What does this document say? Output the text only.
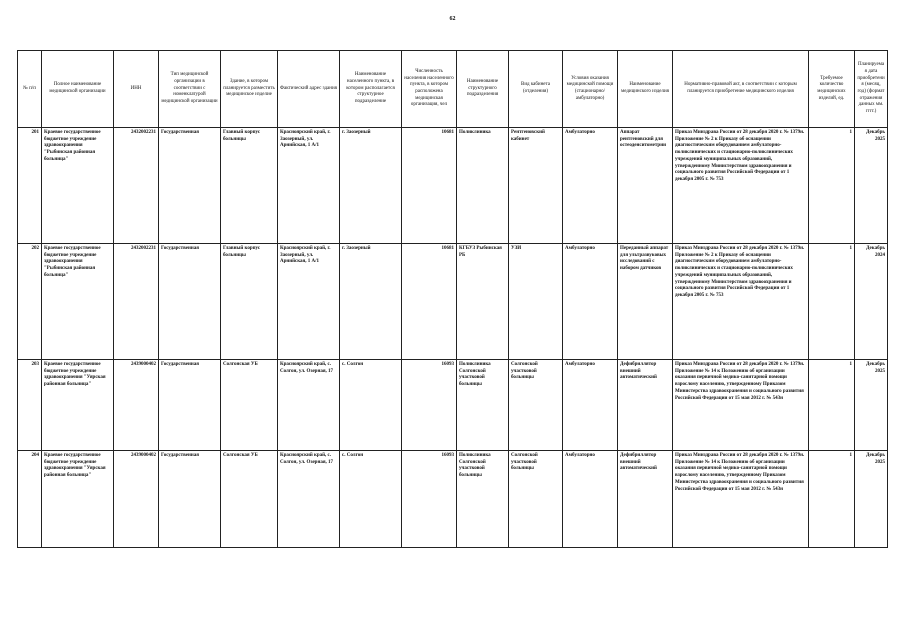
62
№ п/п	Полное наименование медицинской организации	ИНН	Тип медицинской организации в соответствии с номенклатурой медицинской организации	Здание, в котором планируется разместить медицинское изделие	Фактический адрес здания	Наименование населенного пункта, в котором располагается структурное подразделение	Численность населения населенного пункта, в котором расположена медицинская организация, чел	Наименование структурного подразделения	Вид кабинета (отделения)	Условия оказания медицинской помощи (стационарно/ амбулаторно)	Наименование медицинского изделия	Нормативно-правовой акт, в соответствии с которым планируется приобретение медицинского изделия	Требуемое количество медицинских изделий, ед.	Планируемая дата приобретения (месяц, год) (формат отражения данных мм. гггг.)
201	Краевое государственное бюджетное учреждение здравоохранения "Рыбинская районная больница"	2432002231	Государственная	Главный корпус больницы	Красноярский край, г. Заозерный, ул. Арнийская, 1 А/1	г. Заозерный	10681	Поликлиника	Рентгеновский кабинет	Амбулаторно	Аппарат рентгеновский для остеоденситометрии	Приказ Минздрава России от 28 декабря 2020 г. № 1379н. Приложение № 2 к Приказу об оснащении диагностическим оборудованием амбулаторно-поликлинических и стационарно-поликлинических учреждений муниципальных образований, утвержденному Министерством здравоохранения и социального развития Российской Федерации от 1 декабря 2005 г. № 753	1	Декабрь 2025
202	Краевое государственное бюджетное учреждение здравоохранения "Рыбинская районная больница"	2432002231	Государственная	Главный корпус больницы	Красноярский край, г. Заозерный, ул. Арнийская, 1 А/1	г. Заозерный	10681	КГБУЗ Рыбинская РБ	УЗИ	Амбулаторно	Переданный аппарат для ультразвуковых исследований с набором датчиков	Приказ Минздрава России от 28 декабря 2020 г. № 1379н. Приложение № 2 к Приказу об оснащении диагностическим оборудованием амбулаторно-поликлинических и стационарно-поликлинических учреждений муниципальных образований, утвержденному Министерством здравоохранения и социального развития Российской Федерации от 1 декабря 2005 г. № 753	1	Декабрь 2024
203	Краевое государственное бюджетное учреждение здравоохранения "Уярская районная больница"	2439000402	Государственная	Солгонская УБ	Красноярский край, с. Солгон, ул. Озерная, 17	с. Солгон	16093	Поликлиника Солгонской участковой больницы	Солгонской участковой больницы	Амбулаторно	Дефибриллятор внешний автоматический	Приказ Минздрава России от 28 декабря 2020 г. № 1379н. Приложение № 14 к Положению об организации оказания первичной медико-санитарной помощи взрослому населению, утвержденному Приказом Министерства здравоохранения и социального развития Российской Федерации от 15 мая 2012 г. № 543н	1	Декабрь 2025
204	Краевое государственное бюджетное учреждение здравоохранения "Уярская районная больница"	2439000402	Государственная	Солгонская УБ	Красноярский край, с. Солгон, ул. Озерная, 17	с. Солгон	16093	Поликлиника Солгонской участковой больницы	Солгонской участковой больницы	Амбулаторно	Дефибриллятор внешний автоматический	Приказ Минздрава России от 28 декабря 2020 г. № 1379н. Приложение № 14 к Положению об организации оказания первичной медико-санитарной помощи взрослому населению, утвержденному Приказом Министерства здравоохранения и социального развития Российской Федерации от 15 мая 2012 г. № 543н	1	Декабрь 2025
